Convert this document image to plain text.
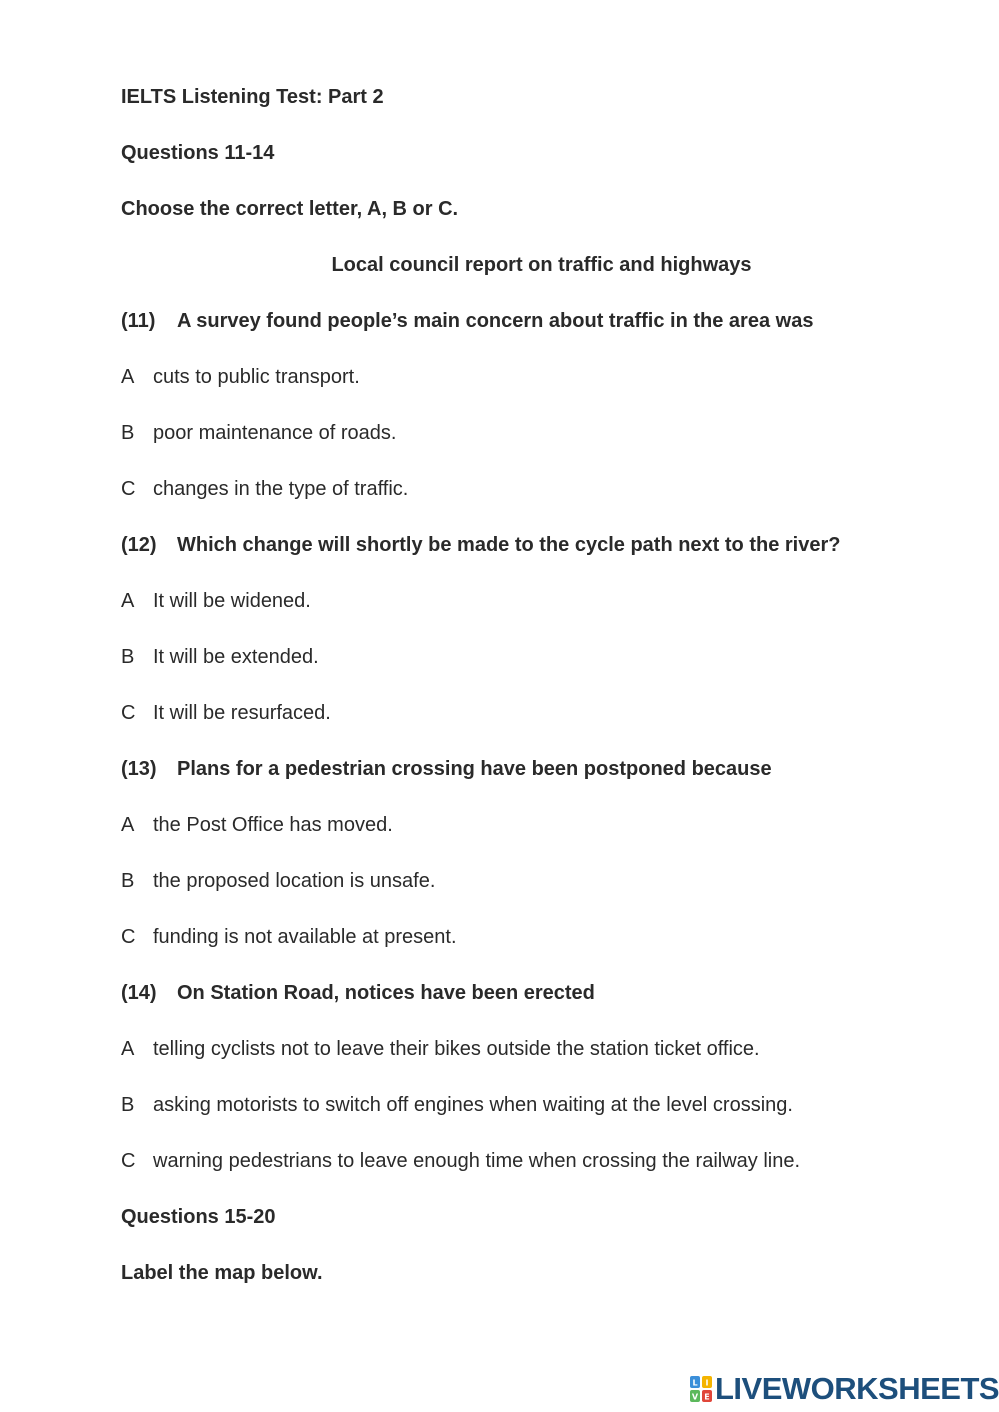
IELTS Listening Test: Part 2
Questions 11-14
Choose the correct letter, A, B or C.
Local council report on traffic and highways
(11) A survey found people’s main concern about traffic in the area was
A cuts to public transport.
B poor maintenance of roads.
C changes in the type of traffic.
(12) Which change will shortly be made to the cycle path next to the river?
A It will be widened.
B It will be extended.
C It will be resurfaced.
(13) Plans for a pedestrian crossing have been postponed because
A the Post Office has moved.
B the proposed location is unsafe.
C funding is not available at present.
(14) On Station Road, notices have been erected
A telling cyclists not to leave their bikes outside the station ticket office.
B asking motorists to switch off engines when waiting at the level crossing.
C warning pedestrians to leave enough time when crossing the railway line.
Questions 15-20
Label the map below.
L I
V E LIVEWORKSHEETS
